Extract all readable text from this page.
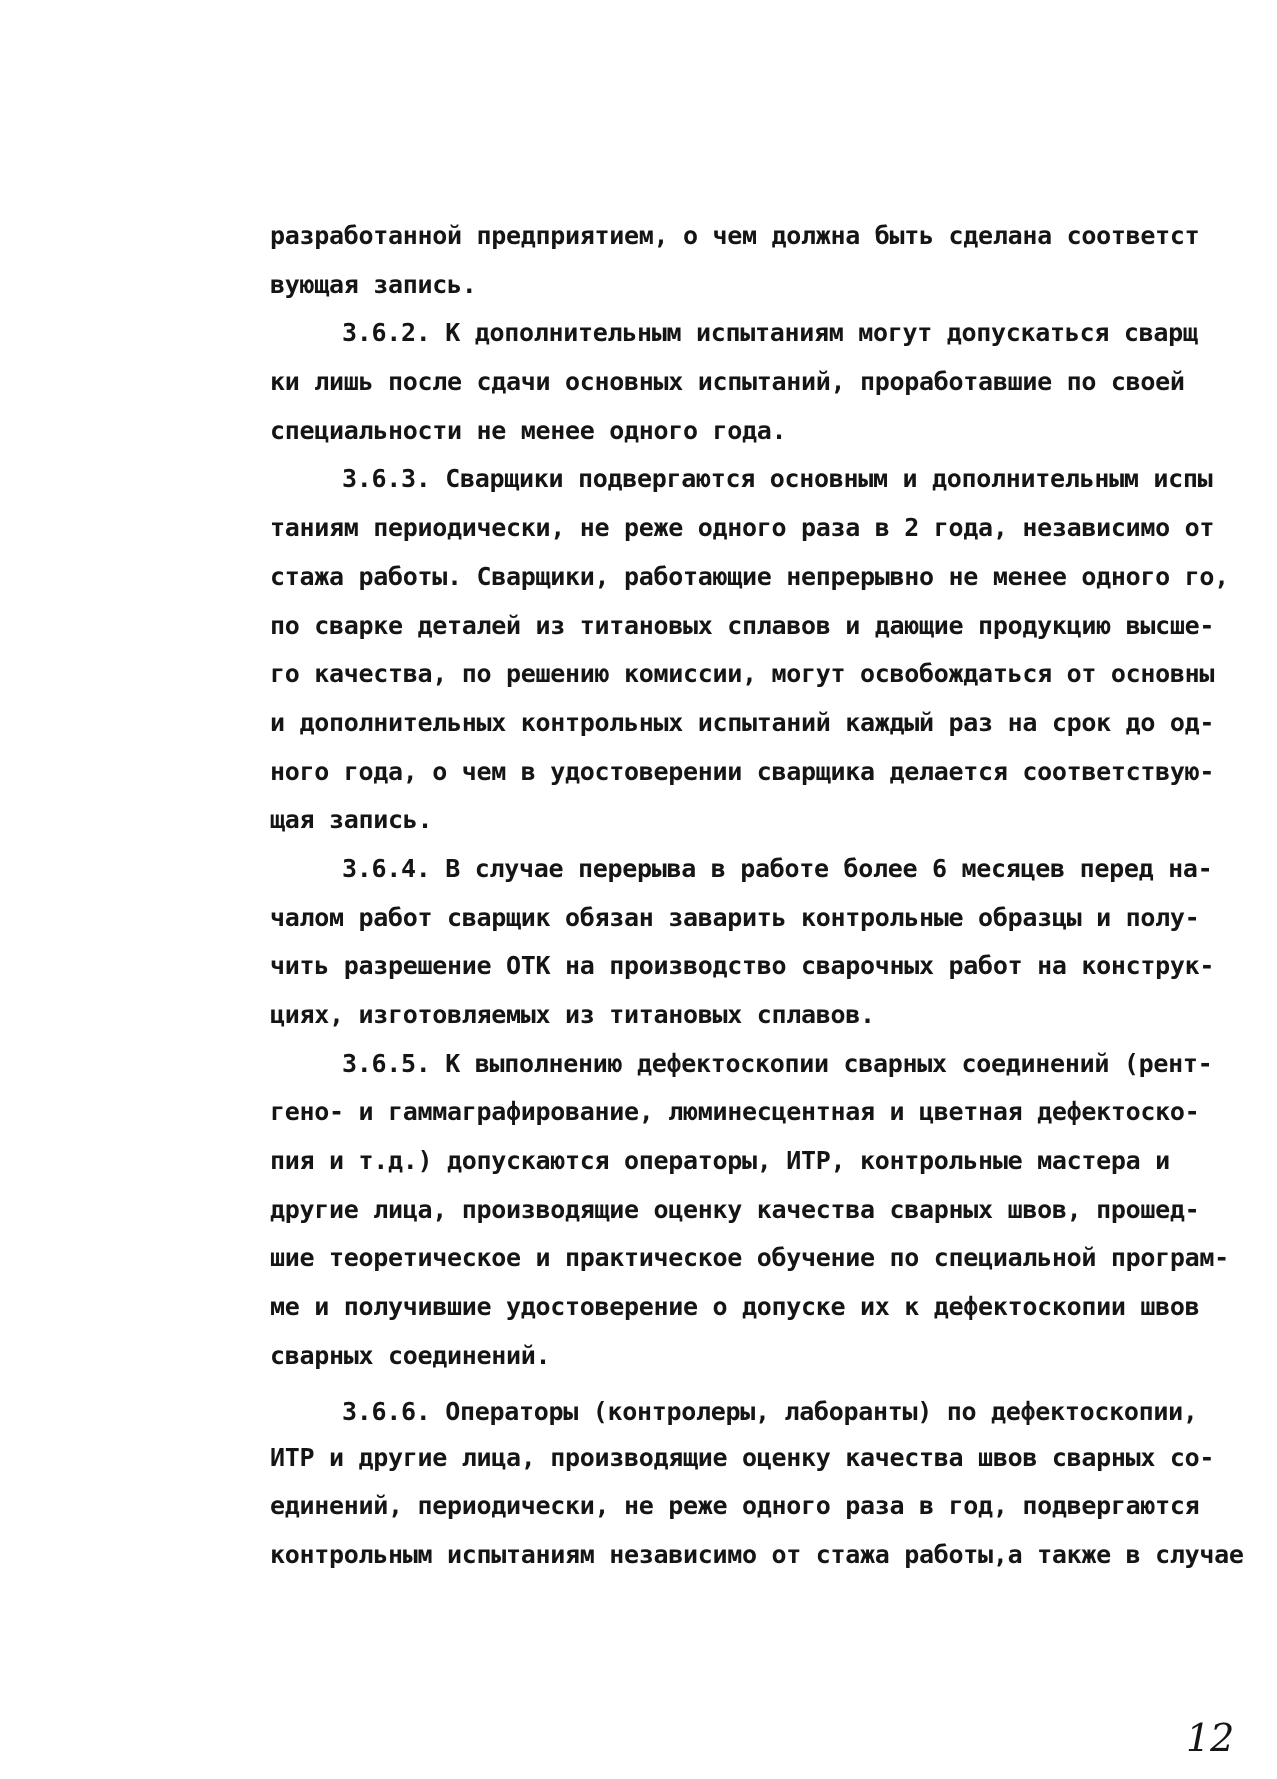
разработанной предприятием, о чем должна быть сделана соответст
вующая запись.
3.6.2. К дополнительным испытаниям могут допускаться сварщ
ки лишь после сдачи основных испытаний, проработавшие по своей
специальности не менее одного года.
3.6.3. Сварщики подвергаются основным и дополнительным испы
таниям периодически, не реже одного раза в 2 года, независимо от
стажа работы. Сварщики, работающие непрерывно не менее одного го,
по сварке деталей из титановых сплавов и дающие продукцию высше-
го качества, по решению комиссии, могут освобождаться от основны
и дополнительных контрольных испытаний каждый раз на срок до од-
ного года, о чем в удостоверении сварщика делается соответствую-
щая запись.
3.6.4. В случае перерыва в работе более 6 месяцев перед на-
чалом работ сварщик обязан заварить контрольные образцы и полу-
чить разрешение ОТК на производство сварочных работ на конструк-
циях, изготовляемых из титановых сплавов.
3.6.5. К выполнению дефектоскопии сварных соединений (рент-
гено- и гаммаграфирование, люминесцентная и цветная дефектоско-
пия и т.д.) допускаются операторы, ИТР, контрольные мастера и
другие лица, производящие оценку качества сварных швов, прошед-
шие теоретическое и практическое обучение по специальной програм-
ме и получившие удостоверение о допуске их к дефектоскопии швов
сварных соединений.
3.6.6. Операторы (контролеры, лаборанты) по дефектоскопии,
ИТР и другие лица, производящие оценку качества швов сварных со-
единений, периодически, не реже одного раза в год, подвергаются
контрольным испытаниям независимо от стажа работы,а также в случае
12
